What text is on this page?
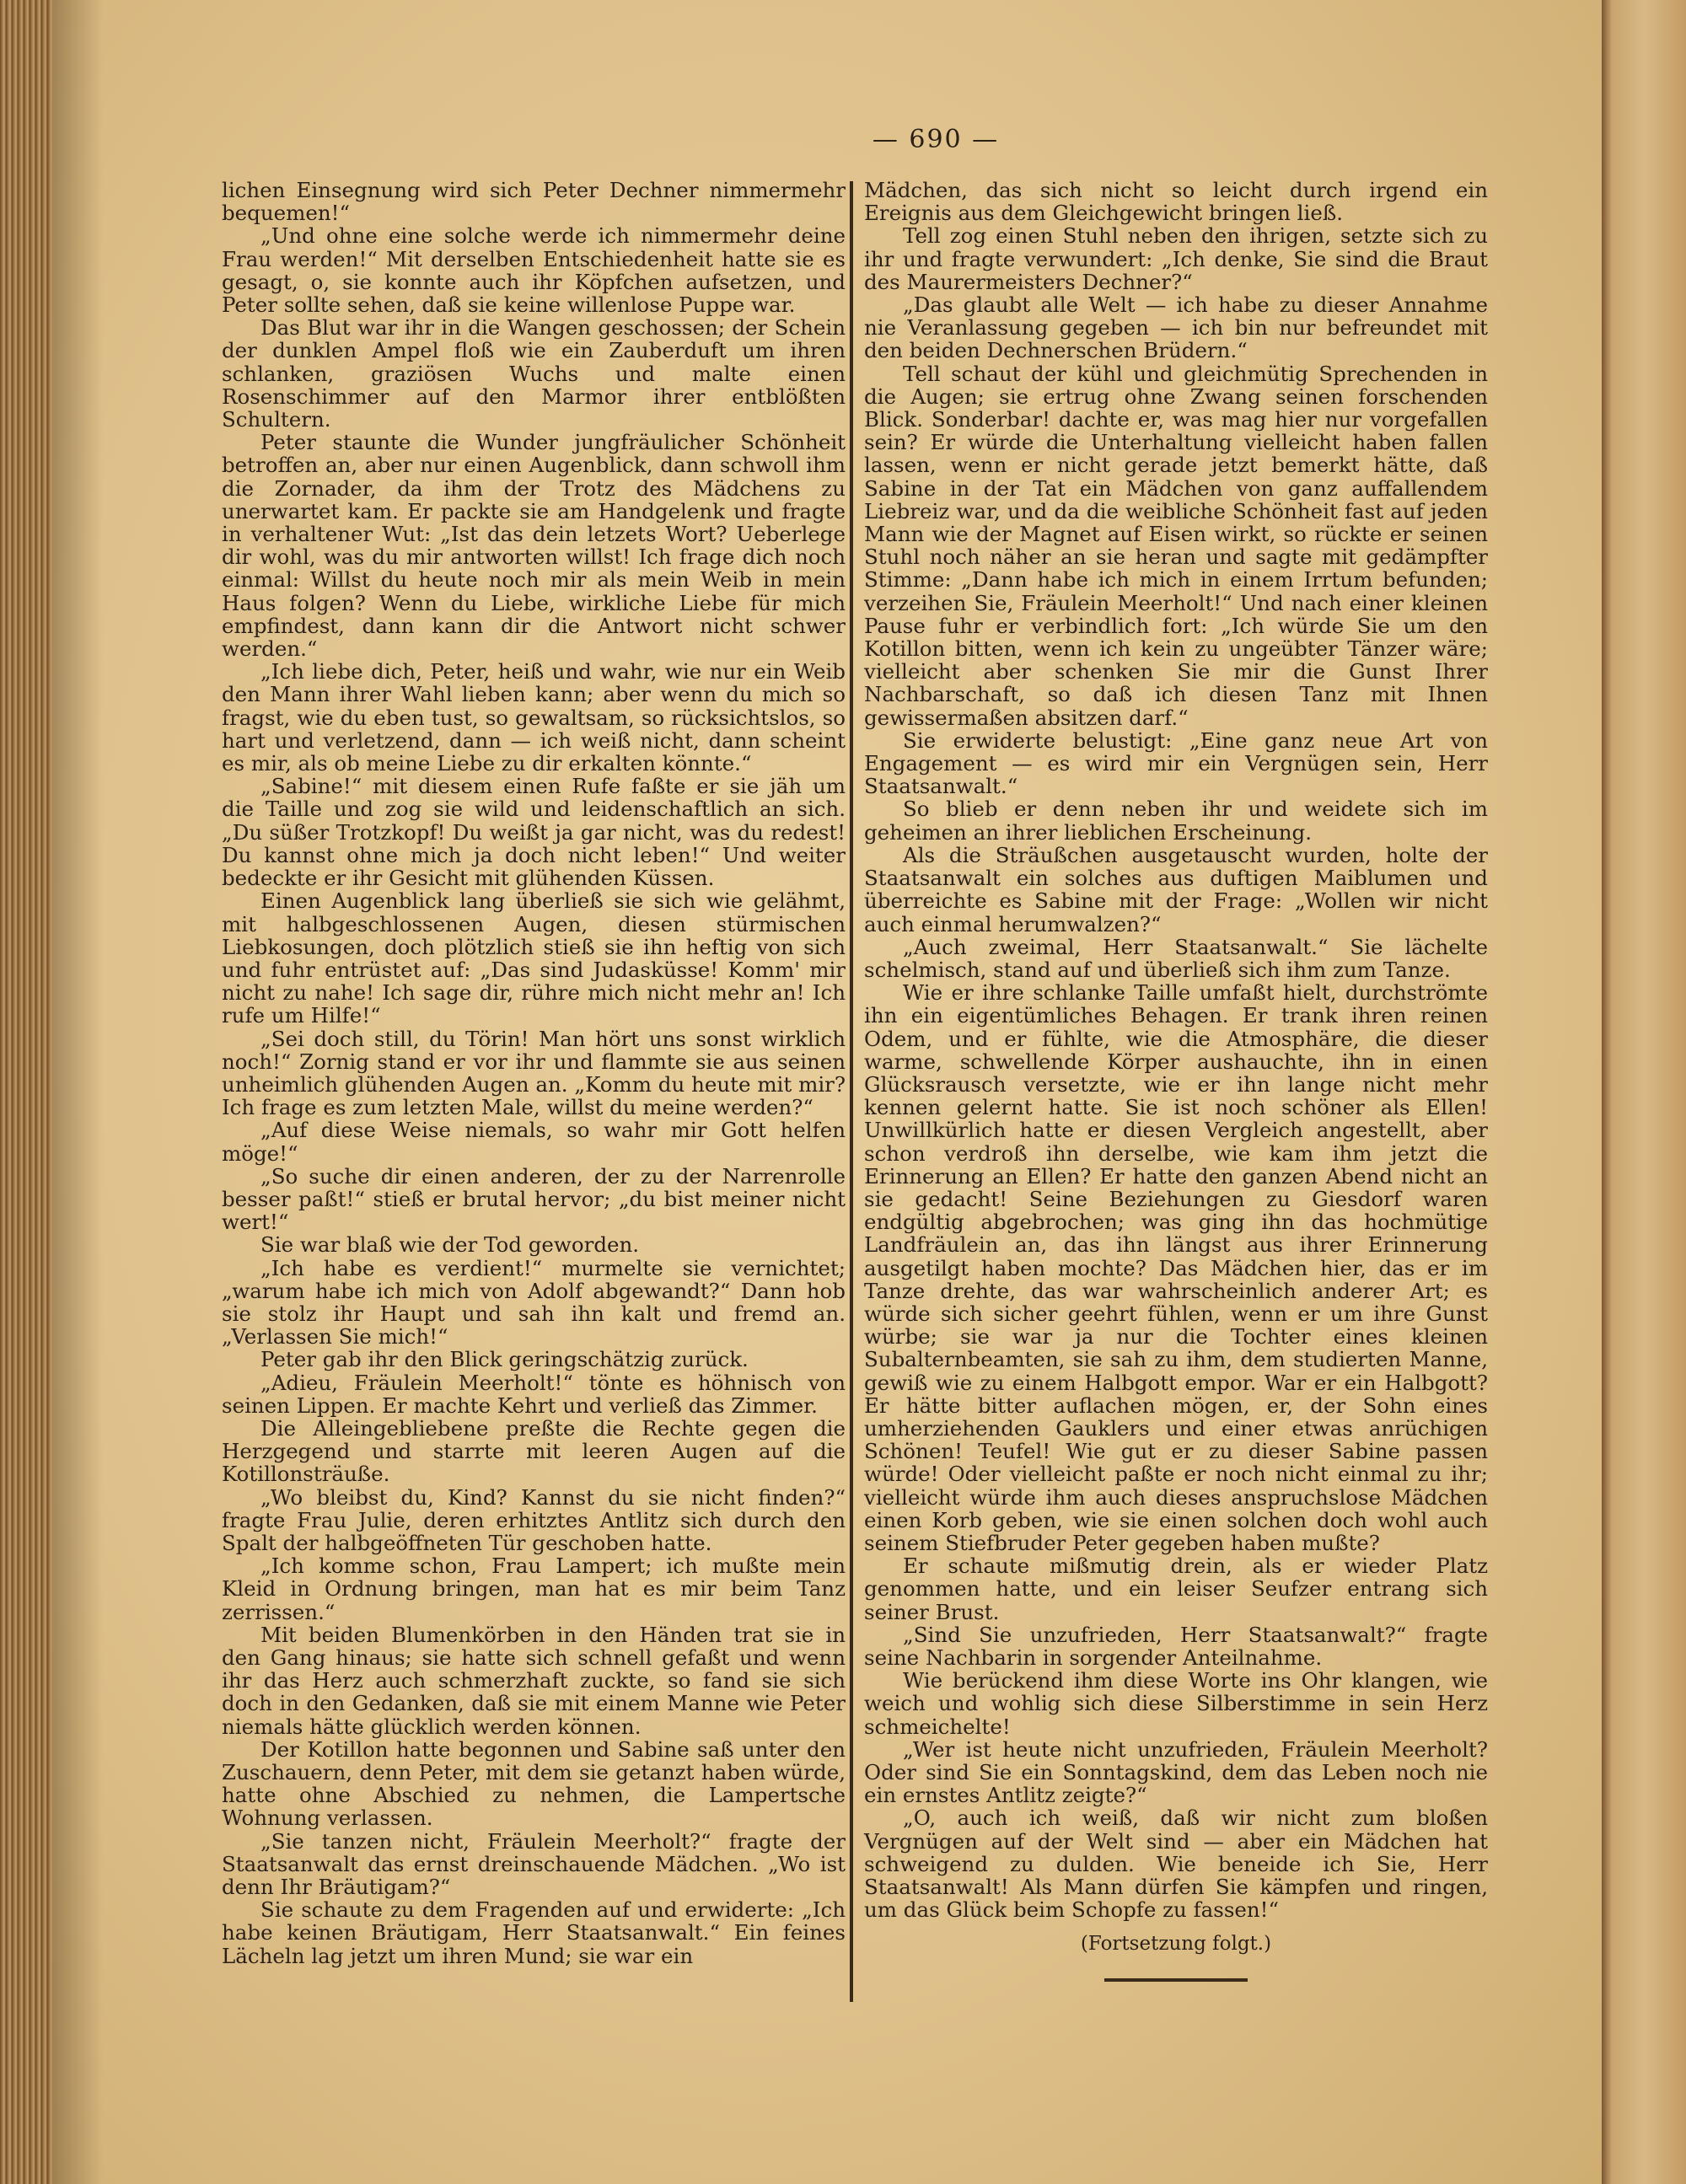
— 690 —

lichen Einsegnung wird sich Peter Dechner nimmermehr bequemen!“

„Und ohne eine solche werde ich nimmermehr deine Frau werden!“ Mit derselben Entschiedenheit hatte sie es gesagt, o, sie konnte auch ihr Köpfchen aufsetzen, und Peter sollte sehen, daß sie keine willenlose Puppe war.

Das Blut war ihr in die Wangen geschossen; der Schein der dunklen Ampel floß wie ein Zauberduft um ihren schlanken, graziösen Wuchs und malte einen Rosenschimmer auf den Marmor ihrer entblößten Schultern.

Peter staunte die Wunder jungfräulicher Schönheit betroffen an, aber nur einen Augenblick, dann schwoll ihm die Zornader, da ihm der Trotz des Mädchens zu unerwartet kam. Er packte sie am Handgelenk und fragte in verhaltener Wut: „Ist das dein letzets Wort? Ueberlege dir wohl, was du mir antworten willst! Ich frage dich noch einmal: Willst du heute noch mir als mein Weib in mein Haus folgen? Wenn du Liebe, wirkliche Liebe für mich empfindest, dann kann dir die Antwort nicht schwer werden.“

„Ich liebe dich, Peter, heiß und wahr, wie nur ein Weib den Mann ihrer Wahl lieben kann; aber wenn du mich so fragst, wie du eben tust, so gewaltsam, so rücksichtslos, so hart und verletzend, dann — ich weiß nicht, dann scheint es mir, als ob meine Liebe zu dir erkalten könnte.“

„Sabine!“ mit diesem einen Rufe faßte er sie jäh um die Taille und zog sie wild und leidenschaftlich an sich. „Du süßer Trotzkopf! Du weißt ja gar nicht, was du redest! Du kannst ohne mich ja doch nicht leben!“ Und weiter bedeckte er ihr Gesicht mit glühenden Küssen.

Einen Augenblick lang überließ sie sich wie gelähmt, mit halbgeschlossenen Augen, diesen stürmischen Liebkosungen, doch plötzlich stieß sie ihn heftig von sich und fuhr entrüstet auf: „Das sind Judasküsse! Komm' mir nicht zu nahe! Ich sage dir, rühre mich nicht mehr an! Ich rufe um Hilfe!“

„Sei doch still, du Törin! Man hört uns sonst wirklich noch!“ Zornig stand er vor ihr und flammte sie aus seinen unheimlich glühenden Augen an. „Komm du heute mit mir? Ich frage es zum letzten Male, willst du meine werden?“

„Auf diese Weise niemals, so wahr mir Gott helfen möge!“

„So suche dir einen anderen, der zu der Narrenrolle besser paßt!“ stieß er brutal hervor; „du bist meiner nicht wert!“

Sie war blaß wie der Tod geworden.

„Ich habe es verdient!“ murmelte sie vernichtet; „warum habe ich mich von Adolf abgewandt?“ Dann hob sie stolz ihr Haupt und sah ihn kalt und fremd an. „Verlassen Sie mich!“

Peter gab ihr den Blick geringschätzig zurück.

„Adieu, Fräulein Meerholt!“ tönte es höhnisch von seinen Lippen. Er machte Kehrt und verließ das Zimmer.

Die Alleingebliebene preßte die Rechte gegen die Herzgegend und starrte mit leeren Augen auf die Kotillonsträuße.

„Wo bleibst du, Kind? Kannst du sie nicht finden?“ fragte Frau Julie, deren erhitztes Antlitz sich durch den Spalt der halbgeöffneten Tür geschoben hatte.

„Ich komme schon, Frau Lampert; ich mußte mein Kleid in Ordnung bringen, man hat es mir beim Tanz zerrissen.“

Mit beiden Blumenkörben in den Händen trat sie in den Gang hinaus; sie hatte sich schnell gefaßt und wenn ihr das Herz auch schmerzhaft zuckte, so fand sie sich doch in den Gedanken, daß sie mit einem Manne wie Peter niemals hätte glücklich werden können.

Der Kotillon hatte begonnen und Sabine saß unter den Zuschauern, denn Peter, mit dem sie getanzt haben würde, hatte ohne Abschied zu nehmen, die Lampertsche Wohnung verlassen.

„Sie tanzen nicht, Fräulein Meerholt?“ fragte der Staatsanwalt das ernst dreinschauende Mädchen. „Wo ist denn Ihr Bräutigam?“

Sie schaute zu dem Fragenden auf und erwiderte: „Ich habe keinen Bräutigam, Herr Staatsanwalt.“ Ein feines Lächeln lag jetzt um ihren Mund; sie war ein

Mädchen, das sich nicht so leicht durch irgend ein Ereignis aus dem Gleichgewicht bringen ließ.

Tell zog einen Stuhl neben den ihrigen, setzte sich zu ihr und fragte verwundert: „Ich denke, Sie sind die Braut des Maurermeisters Dechner?“

„Das glaubt alle Welt — ich habe zu dieser Annahme nie Veranlassung gegeben — ich bin nur befreundet mit den beiden Dechnerschen Brüdern.“

Tell schaut der kühl und gleichmütig Sprechenden in die Augen; sie ertrug ohne Zwang seinen forschenden Blick. Sonderbar! dachte er, was mag hier nur vorgefallen sein? Er würde die Unterhaltung vielleicht haben fallen lassen, wenn er nicht gerade jetzt bemerkt hätte, daß Sabine in der Tat ein Mädchen von ganz auffallendem Liebreiz war, und da die weibliche Schönheit fast auf jeden Mann wie der Magnet auf Eisen wirkt, so rückte er seinen Stuhl noch näher an sie heran und sagte mit gedämpfter Stimme: „Dann habe ich mich in einem Irrtum befunden; verzeihen Sie, Fräulein Meerholt!“ Und nach einer kleinen Pause fuhr er verbindlich fort: „Ich würde Sie um den Kotillon bitten, wenn ich kein zu ungeübter Tänzer wäre; vielleicht aber schenken Sie mir die Gunst Ihrer Nachbarschaft, so daß ich diesen Tanz mit Ihnen gewissermaßen absitzen darf.“

Sie erwiderte belustigt: „Eine ganz neue Art von Engagement — es wird mir ein Vergnügen sein, Herr Staatsanwalt.“

So blieb er denn neben ihr und weidete sich im geheimen an ihrer lieblichen Erscheinung.

Als die Sträußchen ausgetauscht wurden, holte der Staatsanwalt ein solches aus duftigen Maiblumen und überreichte es Sabine mit der Frage: „Wollen wir nicht auch einmal herumwalzen?“

„Auch zweimal, Herr Staatsanwalt.“ Sie lächelte schelmisch, stand auf und überließ sich ihm zum Tanze.

Wie er ihre schlanke Taille umfaßt hielt, durchströmte ihn ein eigentümliches Behagen. Er trank ihren reinen Odem, und er fühlte, wie die Atmosphäre, die dieser warme, schwellende Körper aushauchte, ihn in einen Glücksrausch versetzte, wie er ihn lange nicht mehr kennen gelernt hatte. Sie ist noch schöner als Ellen! Unwillkürlich hatte er diesen Vergleich angestellt, aber schon verdroß ihn derselbe, wie kam ihm jetzt die Erinnerung an Ellen? Er hatte den ganzen Abend nicht an sie gedacht! Seine Beziehungen zu Giesdorf waren endgültig abgebrochen; was ging ihn das hochmütige Landfräulein an, das ihn längst aus ihrer Erinnerung ausgetilgt haben mochte? Das Mädchen hier, das er im Tanze drehte, das war wahrscheinlich anderer Art; es würde sich sicher geehrt fühlen, wenn er um ihre Gunst würbe; sie war ja nur die Tochter eines kleinen Subalternbeamten, sie sah zu ihm, dem studierten Manne, gewiß wie zu einem Halbgott empor. War er ein Halbgott? Er hätte bitter auflachen mögen, er, der Sohn eines umherziehenden Gauklers und einer etwas anrüchigen Schönen! Teufel! Wie gut er zu dieser Sabine passen würde! Oder vielleicht paßte er noch nicht einmal zu ihr; vielleicht würde ihm auch dieses anspruchslose Mädchen einen Korb geben, wie sie einen solchen doch wohl auch seinem Stiefbruder Peter gegeben haben mußte?

Er schaute mißmutig drein, als er wieder Platz genommen hatte, und ein leiser Seufzer entrang sich seiner Brust.

„Sind Sie unzufrieden, Herr Staatsanwalt?“ fragte seine Nachbarin in sorgender Anteilnahme.

Wie berückend ihm diese Worte ins Ohr klangen, wie weich und wohlig sich diese Silberstimme in sein Herz schmeichelte!

„Wer ist heute nicht unzufrieden, Fräulein Meerholt? Oder sind Sie ein Sonntagskind, dem das Leben noch nie ein ernstes Antlitz zeigte?“

„O, auch ich weiß, daß wir nicht zum bloßen Vergnügen auf der Welt sind — aber ein Mädchen hat schweigend zu dulden. Wie beneide ich Sie, Herr Staatsanwalt! Als Mann dürfen Sie kämpfen und ringen, um das Glück beim Schopfe zu fassen!“

(Fortsetzung folgt.)
